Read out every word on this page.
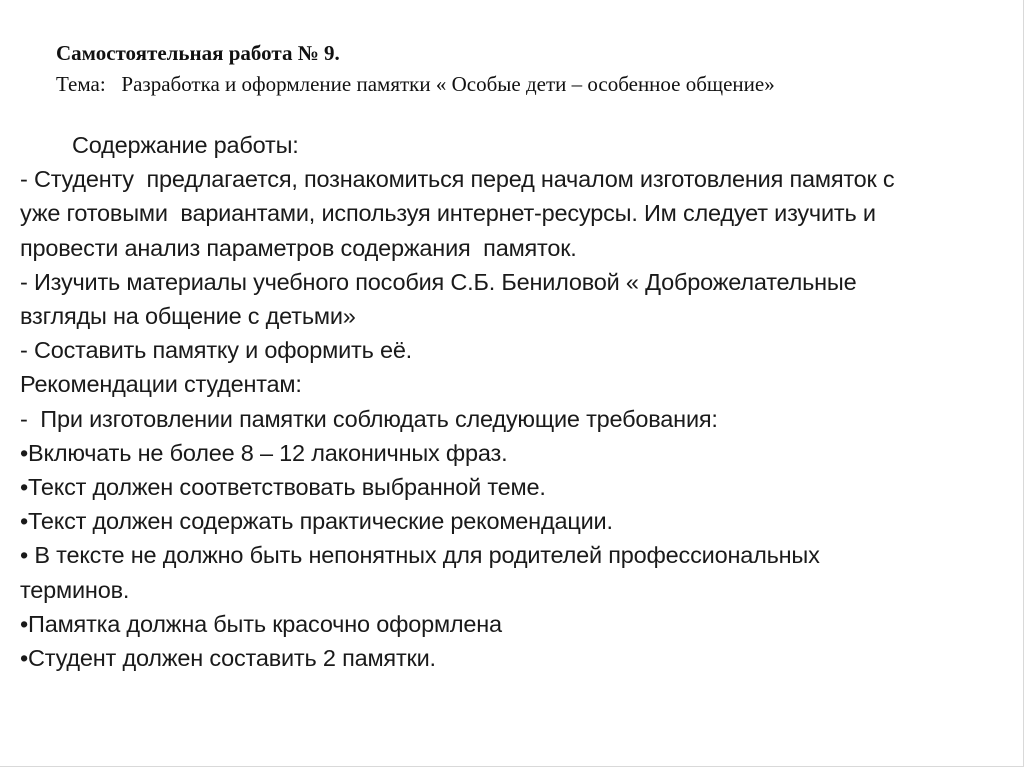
Самостоятельная работа № 9.
Тема:   Разработка и оформление памятки « Особые дети – особенное общение»
Содержание работы:
- Студенту  предлагается, познакомиться перед началом изготовления памяток с
уже готовыми  вариантами, используя интернет-ресурсы. Им следует изучить и
провести анализ параметров содержания  памяток.
- Изучить материалы учебного пособия С.Б. Бениловой « Доброжелательные
взгляды на общение с детьми»
- Составить памятку и оформить её.
Рекомендации студентам:
-  При изготовлении памятки соблюдать следующие требования:
•Включать не более 8 – 12 лаконичных фраз.
•Текст должен соответствовать выбранной теме.
•Текст должен содержать практические рекомендации.
• В тексте не должно быть непонятных для родителей профессиональных
терминов.
•Памятка должна быть красочно оформлена
•Студент должен составить 2 памятки.
